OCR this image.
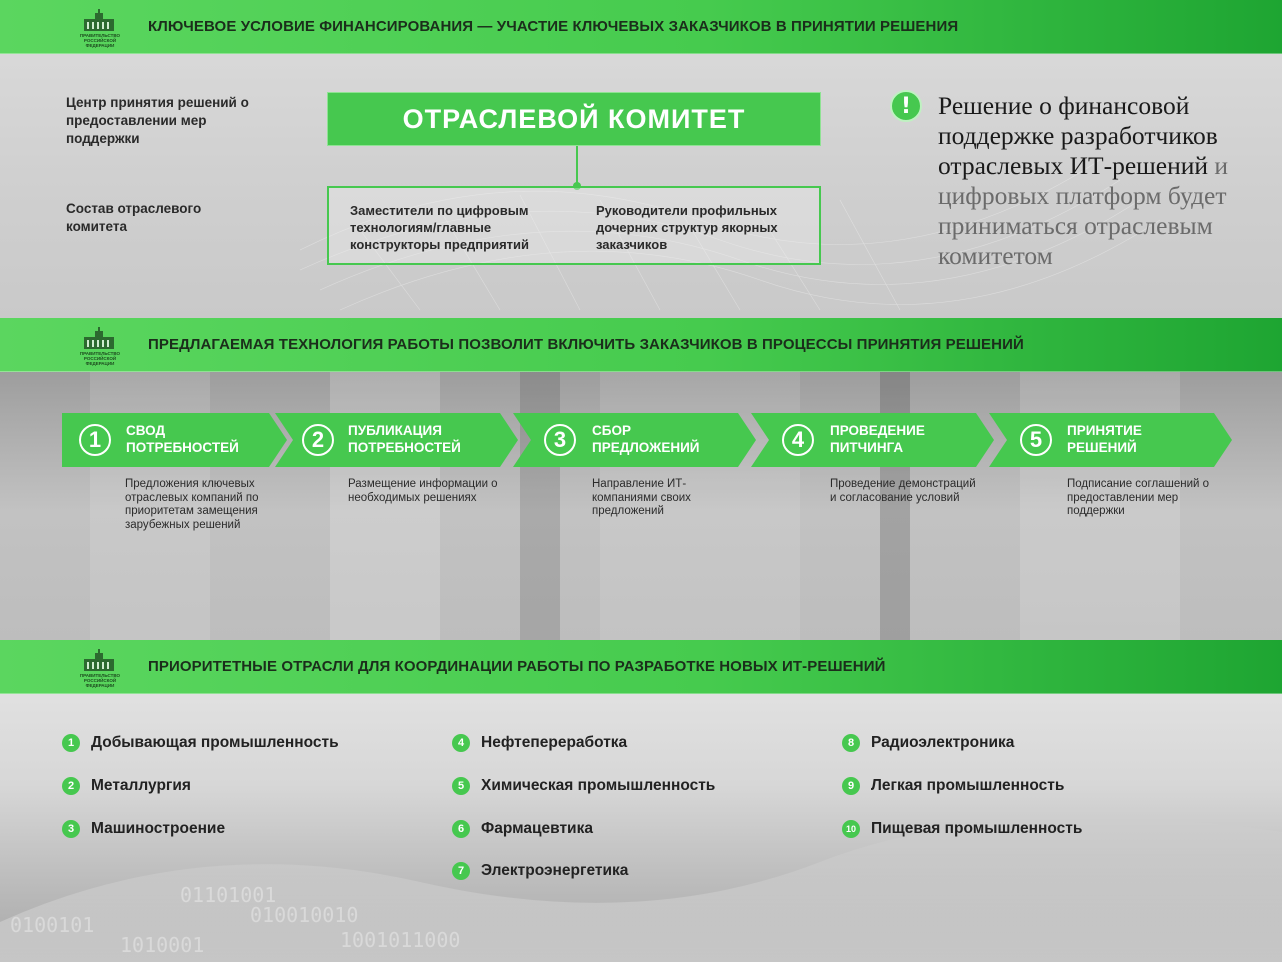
ПРАВИТЕЛЬСТВО РОССИЙСКОЙ ФЕДЕРАЦИИ
КЛЮЧЕВОЕ УСЛОВИЕ ФИНАНСИРОВАНИЯ — УЧАСТИЕ КЛЮЧЕВЫХ ЗАКАЗЧИКОВ В ПРИНЯТИИ РЕШЕНИЯ
Центр принятия решений о предоставлении мер поддержки
Состав отраслевого комитета
ОТРАСЛЕВОЙ КОМИТЕТ
Заместители по цифровым технологиям/главные конструкторы предприятий
Руководители профильных дочерних структур якорных заказчиков
!	Решение о финансовой поддержке разработчиков отраслевых ИТ-решений и цифровых платформ будет приниматься отраслевым комитетом
ПРАВИТЕЛЬСТВО РОССИЙСКОЙ ФЕДЕРАЦИИ
ПРЕДЛАГАЕМАЯ ТЕХНОЛОГИЯ РАБОТЫ ПОЗВОЛИТ ВКЛЮЧИТЬ ЗАКАЗЧИКОВ В ПРОЦЕССЫ ПРИНЯТИЯ РЕШЕНИЙ
1	СВОД ПОТРЕБНОСТЕЙ
Предложения ключевых отраслевых компаний по приоритетам замещения зарубежных решений
2	ПУБЛИКАЦИЯ ПОТРЕБНОСТЕЙ
Размещение информации о необходимых решениях
3	СБОР ПРЕДЛОЖЕНИЙ
Направление ИТ-компаниями своих предложений
4	ПРОВЕДЕНИЕ ПИТЧИНГА
Проведение демонстраций и согласование условий
5	ПРИНЯТИЕ РЕШЕНИЙ
Подписание соглашений о предоставлении мер поддержки
0100101
1010001
010010010
1001011000
01101001
ПРАВИТЕЛЬСТВО РОССИЙСКОЙ ФЕДЕРАЦИИ
ПРИОРИТЕТНЫЕ ОТРАСЛИ ДЛЯ КООРДИНАЦИИ РАБОТЫ ПО РАЗРАБОТКЕ НОВЫХ ИТ-РЕШЕНИЙ
1	Добывающая промышленность
2	Металлургия
3	Машиностроение
4	Нефтепереработка
5	Химическая промышленность
6	Фармацевтика
7	Электроэнергетика
8	Радиоэлектроника
9	Легкая промышленность
10 Пищевая промышленность
